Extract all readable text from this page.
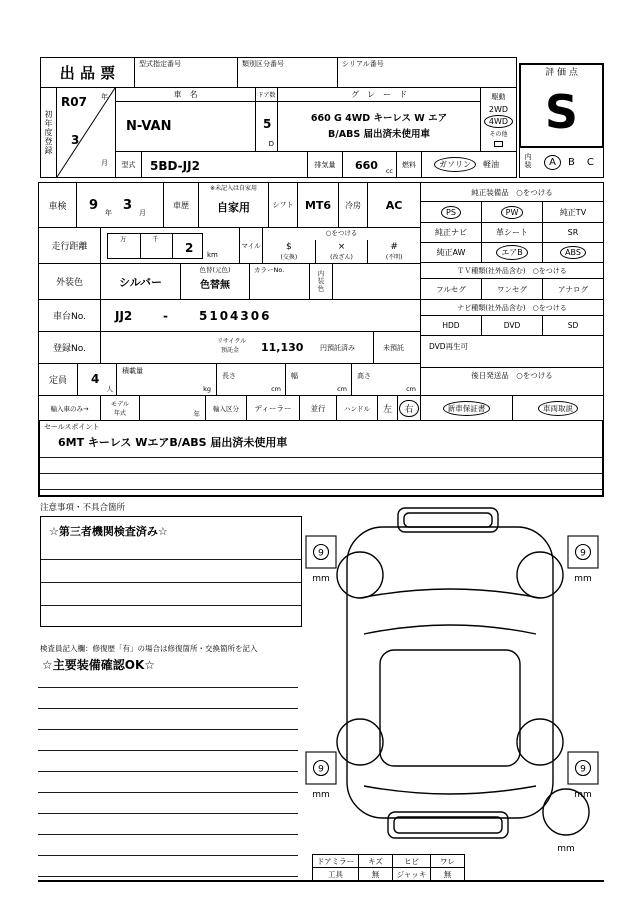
出 品 票	型式指定番号	類別区分番号	シリアル番号
評 価 点
S
内装 A B C
初年度登録
R07 年
3
月
車　名
N-VAN
ドア数
5
D
グ　レ　ー　ド
660 G 4WD キーレス W エアB/ABS 届出済未使用車
駆動
2WD
4WD
その他
型式 5BD-JJ2	排気量 660 cc
燃料	ガソリン 軽油
車検 9 年 3 月
車歴
※未記入は自家用
自家用	シフト MT6 冷房 AC
純正装備品　○をつける
PS	PW	純正TV
純正ナビ	革シート	SR
純正AW	エアB	ABS
走行距離
万	千
2 km
マイル
○をつける
$
(交換)
×
(改ざん)
#
(不明)
外装色	シルバー
色替(元色)
色替無
カラーNo.
内装色	ＴＶ種類(社外品含む)　○をつける
フルセグ	ワンセグ	アナログ
車台No. JJ2	-	5104306
ナビ種類(社外品含む)　○をつける
HDD	DVD	SD
DVD再生可
登録No.
リサイクル
預託金 11,130 円預託済み	未預託
定員 4
人
積載量
kg
長さ
cm
幅
cm
高さ
cm
後日発送品　○をつける
輸入車のみ→	モデル
年式	年
輸入区分 ディーラー	並行	ハンドル 左 右	新車保証書	車両取説
セールスポイント
6MT キーレス WエアB/ABS 届出済未使用車
注意事項・不具合箇所
☆第三者機関検査済み☆
検査員記入欄：修復歴「有」の場合は修復箇所・交換箇所を記入
☆主要装備確認OK☆
9	9
9	9
mm	mm
mm	mm
mm
ドアミラー	キズ	ヒビ	ワレ
工具	無	ジャッキ	無
